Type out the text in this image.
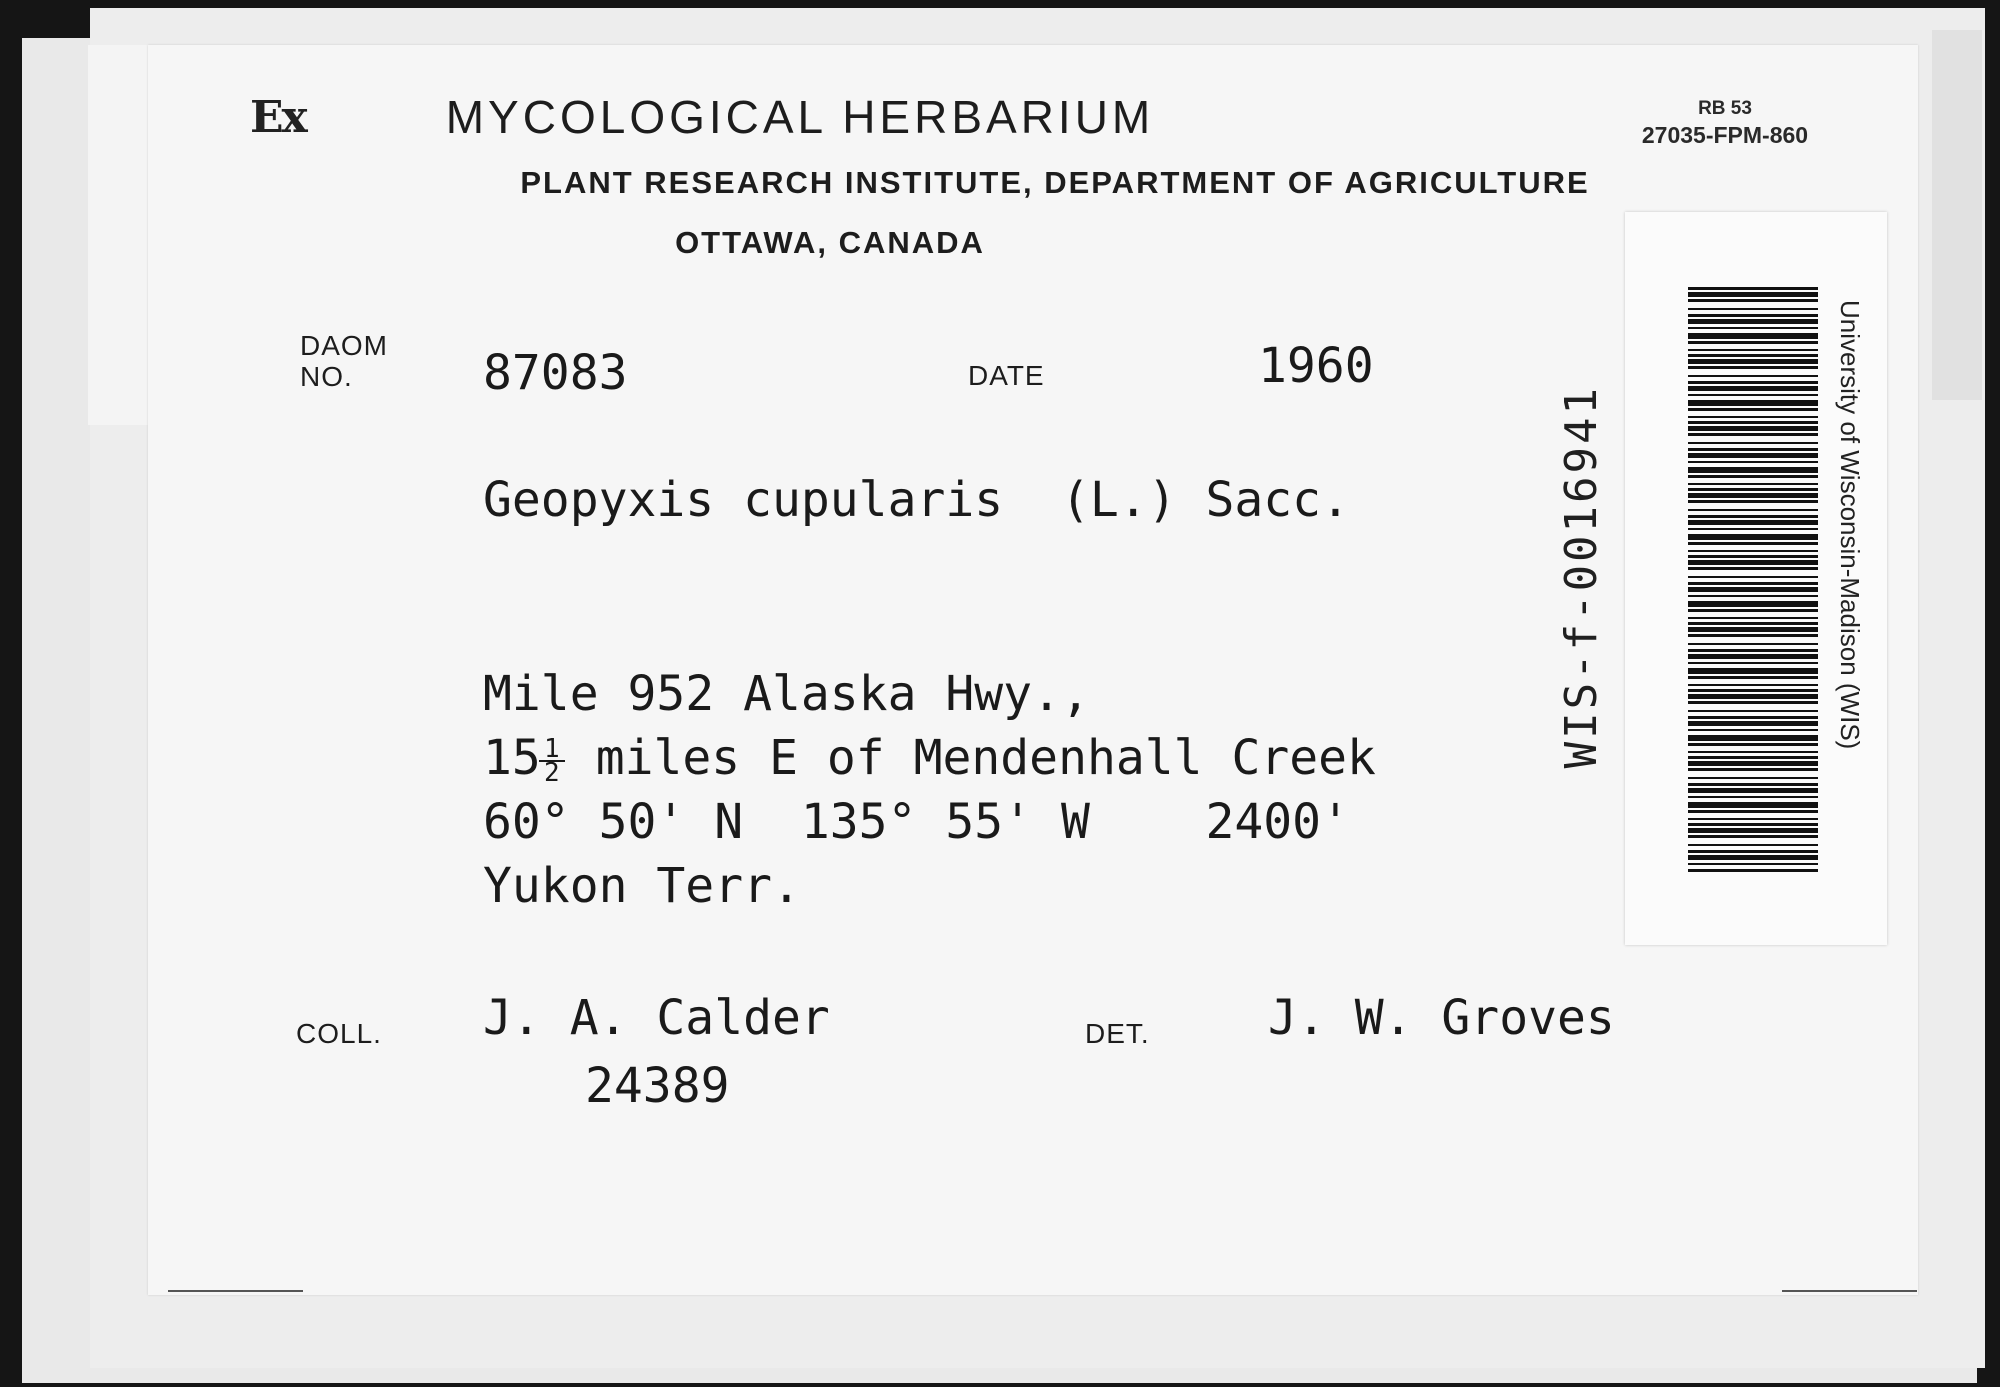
Ex	MYCOLOGICAL HERBARIUM
PLANT RESEARCH INSTITUTE, DEPARTMENT OF AGRICULTURE
OTTAWA, CANADA
RB 53
27035-FPM-860
DAOM
NO.	87083	DATE	1960
Geopyxis cupularis  (L.) Sacc.
Mile 952 Alaska Hwy.,
15
$\frac{1}{2}$ miles E of Mendenhall Creek
60° 50' N  135° 55' W    2400'
Yukon Terr.
COLL. J. A. Calder
24389
DET. J. W. Groves
WIS-f-0016941	University of Wisconsin-Madison (WIS)
